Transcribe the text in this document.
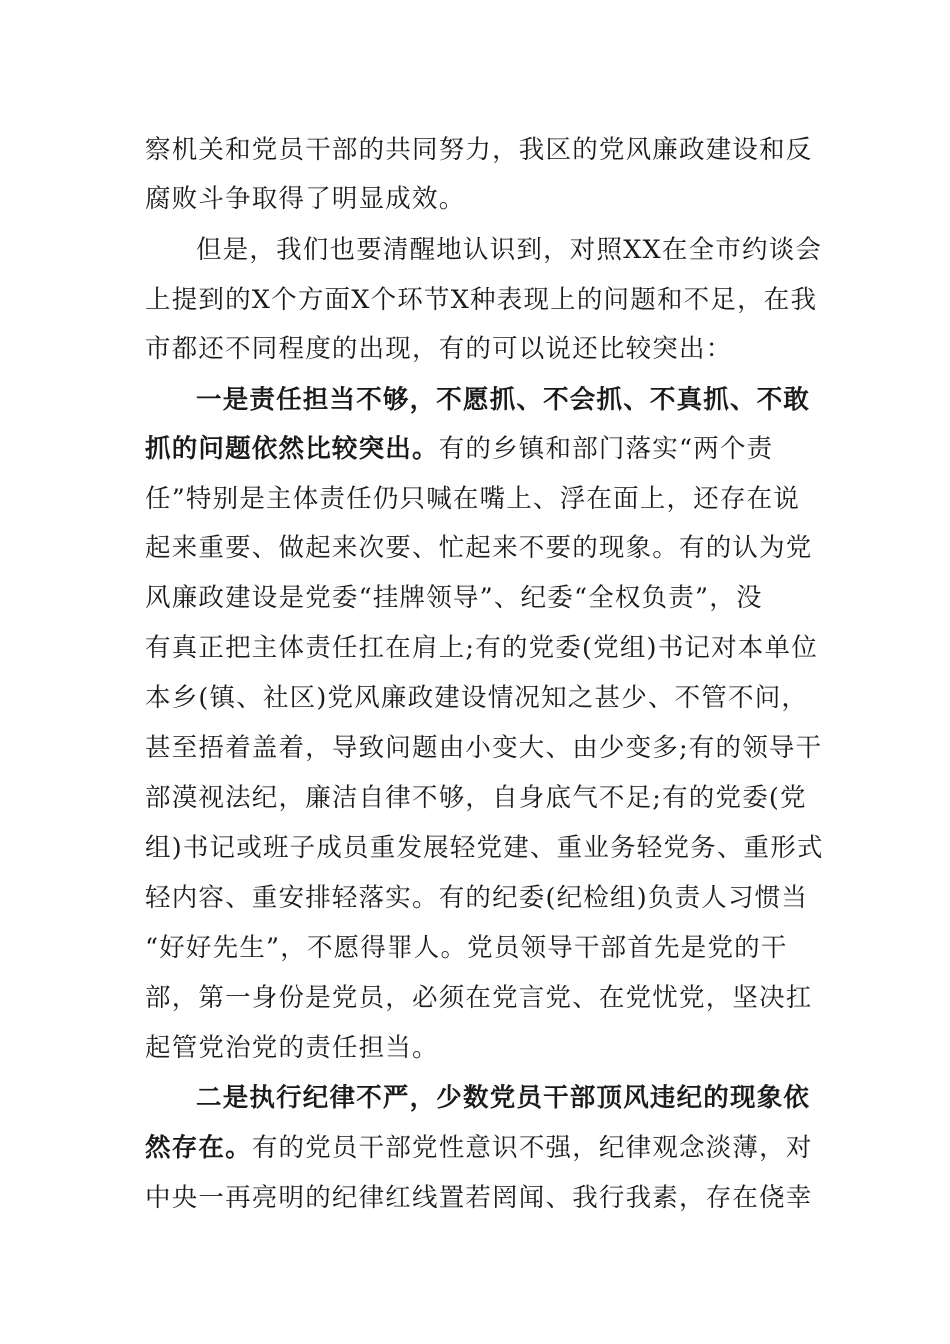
察机关和党员干部的共同努力，我区的党风廉政建设和反
腐败斗争取得了明显成效。
但是，我们也要清醒地认识到，对照XX在全市约谈会
上提到的X个方面X个环节X种表现上的问题和不足，在我
市都还不同程度的出现，有的可以说还比较突出：
一是责任担当不够，不愿抓、不会抓、不真抓、不敢
抓的问题依然比较突出。有的乡镇和部门落实“两个责
任”特别是主体责任仍只喊在嘴上、浮在面上，还存在说
起来重要、做起来次要、忙起来不要的现象。有的认为党
风廉政建设是党委“挂牌领导”、纪委“全权负责”，没
有真正把主体责任扛在肩上;有的党委(党组)书记对本单位
本乡(镇、社区)党风廉政建设情况知之甚少、不管不问，
甚至捂着盖着，导致问题由小变大、由少变多;有的领导干
部漠视法纪，廉洁自律不够，自身底气不足;有的党委(党
组)书记或班子成员重发展轻党建、重业务轻党务、重形式
轻内容、重安排轻落实。有的纪委(纪检组)负责人习惯当
“好好先生”，不愿得罪人。党员领导干部首先是党的干
部，第一身份是党员，必须在党言党、在党忧党，坚决扛
起管党治党的责任担当。
二是执行纪律不严，少数党员干部顶风违纪的现象依
然存在。有的党员干部党性意识不强，纪律观念淡薄，对
中央一再亮明的纪律红线置若罔闻、我行我素，存在侥幸
